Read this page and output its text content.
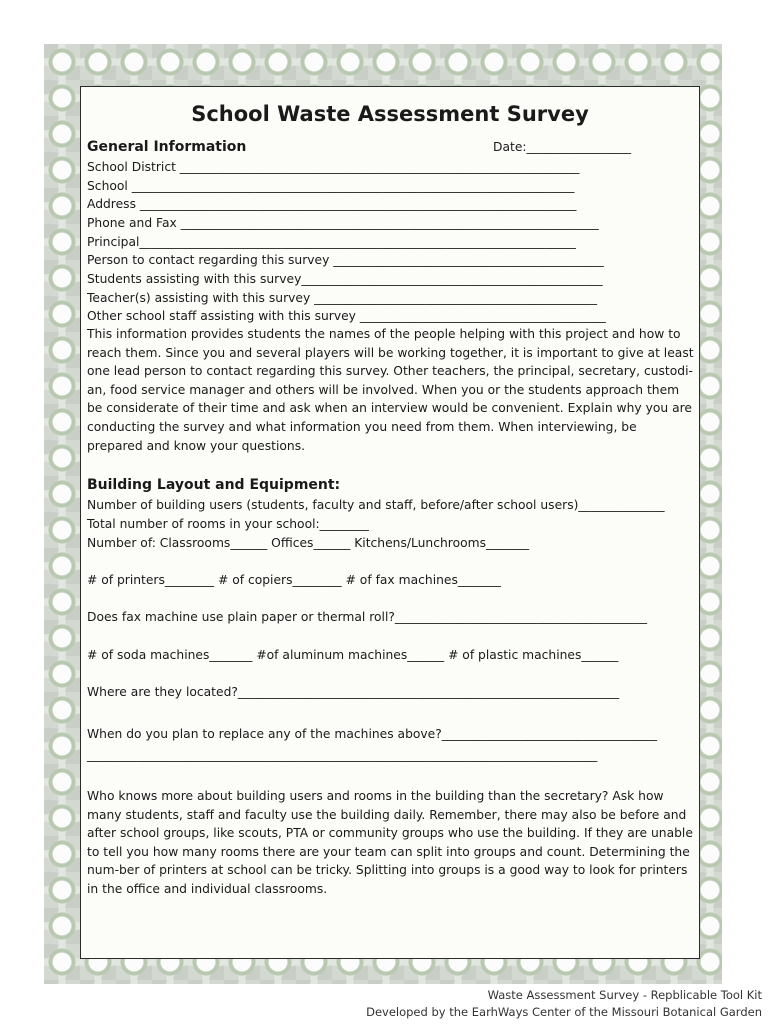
School Waste Assessment Survey
General Information	Date:_________________
School District _________________________________________________________________
School ________________________________________________________________________
Address _______________________________________________________________________
Phone and Fax ____________________________________________________________________
Principal_______________________________________________________________________
Person to contact regarding this survey ____________________________________________
Students assisting with this survey_________________________________________________
Teacher(s) assisting with this survey ______________________________________________
Other school staff assisting with this survey ________________________________________

This information provides students the names of the people helping with this project and how to reach them. Since you and several players will be working together, it is important to give at least one lead person to contact regarding this survey. Other teachers, the principal, secretary, custodi-an, food service manager and others will be involved. When you or the students approach them be considerate of their time and ask when an interview would be convenient. Explain why you are conducting the survey and what information you need from them. When interviewing, be prepared and know your questions.

Building Layout and Equipment:
Number of building users (students, faculty and staff, before/after school users)______________
Total number of rooms in your school:________
Number of: Classrooms______ Offices______ Kitchens/Lunchrooms_______
# of printers________ # of copiers________ # of fax machines_______
Does fax machine use plain paper or thermal roll?_________________________________________
# of soda machines_______ #of aluminum machines______ # of plastic machines______
Where are they located?______________________________________________________________
When do you plan to replace any of the machines above?___________________________________
___________________________________________________________________________________

Who knows more about building users and rooms in the building than the secretary? Ask how many students, staff and faculty use the building daily. Remember, there may also be before and after school groups, like scouts, PTA or community groups who use the building. If they are unable to tell you how many rooms there are your team can split into groups and count. Determining the num-ber of printers at school can be tricky. Splitting into groups is a good way to look for printers in the office and individual classrooms.

Waste Assessment Survey - Repblicable Tool Kit
Developed by the EarhWays Center of the Missouri Botanical Garden
